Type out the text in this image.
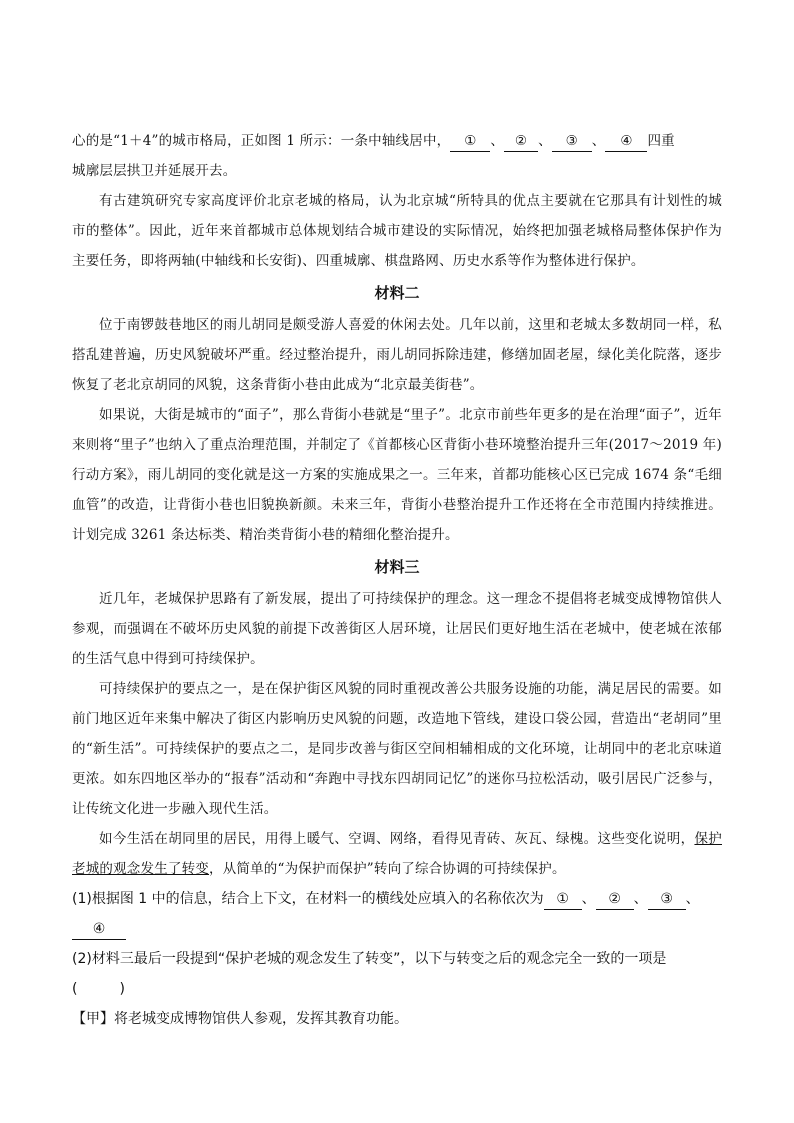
心的是“1＋4”的城市格局，正如图 1 所示：一条中轴线居中， ① 、 ② 、 ③ 、 ④ 四重

城廓层层拱卫并延展开去。

有古建筑研究专家高度评价北京老城的格局，认为北京城“所特具的优点主要就在它那具有计划性的城市的整体”。因此，近年来首都城市总体规划结合城市建设的实际情况，始终把加强老城格局整体保护作为主要任务，即将两轴(中轴线和长安街)、四重城廓、棋盘路网、历史水系等作为整体进行保护。

材料二

位于南锣鼓巷地区的雨儿胡同是颇受游人喜爱的休闲去处。几年以前，这里和老城太多数胡同一样，私搭乱建普遍，历史风貌破坏严重。经过整治提升，雨儿胡同拆除违建，修缮加固老屋，绿化美化院落，逐步恢复了老北京胡同的风貌，这条背街小巷由此成为“北京最美街巷”。

如果说，大街是城市的“面子”，那么背街小巷就是“里子”。北京市前些年更多的是在治理“面子”，近年来则将“里子”也纳入了重点治理范围，并制定了《首都核心区背街小巷环境整治提升三年(2017～2019 年)行动方案》，雨儿胡同的变化就是这一方案的实施成果之一。三年来，首都功能核心区已完成 1674 条“毛细血管”的改造，让背街小巷也旧貌换新颜。未来三年，背街小巷整治提升工作还将在全市范围内持续推进。计划完成 3261 条达标类、精治类背街小巷的精细化整治提升。

材料三

近几年，老城保护思路有了新发展，提出了可持续保护的理念。这一理念不提倡将老城变成博物馆供人参观，而强调在不破坏历史风貌的前提下改善街区人居环境，让居民们更好地生活在老城中，使老城在浓郁的生活气息中得到可持续保护。

可持续保护的要点之一，是在保护街区风貌的同时重视改善公共服务设施的功能，满足居民的需要。如前门地区近年来集中解决了街区内影响历史风貌的问题，改造地下管线，建设口袋公园，营造出“老胡同”里的“新生活”。可持续保护的要点之二，是同步改善与街区空间相辅相成的文化环境，让胡同中的老北京味道更浓。如东四地区举办的“报春”活动和“奔跑中寻找东四胡同记忆”的迷你马拉松活动，吸引居民广泛参与，让传统文化进一步融入现代生活。

如今生活在胡同里的居民，用得上暖气、空调、网络，看得见青砖、灰瓦、绿槐。这些变化说明，保护老城的观念发生了转变，从简单的“为保护而保护”转向了综合协调的可持续保护。

(1)根据图 1 中的信息，结合上下文，在材料一的横线处应填入的名称依次为 ① 、 ② 、 ③ 、
④

(2)材料三最后一段提到“保护老城的观念发生了转变”，以下与转变之后的观念完全一致的一项是

(　　　)

【甲】将老城变成博物馆供人参观，发挥其教育功能。
